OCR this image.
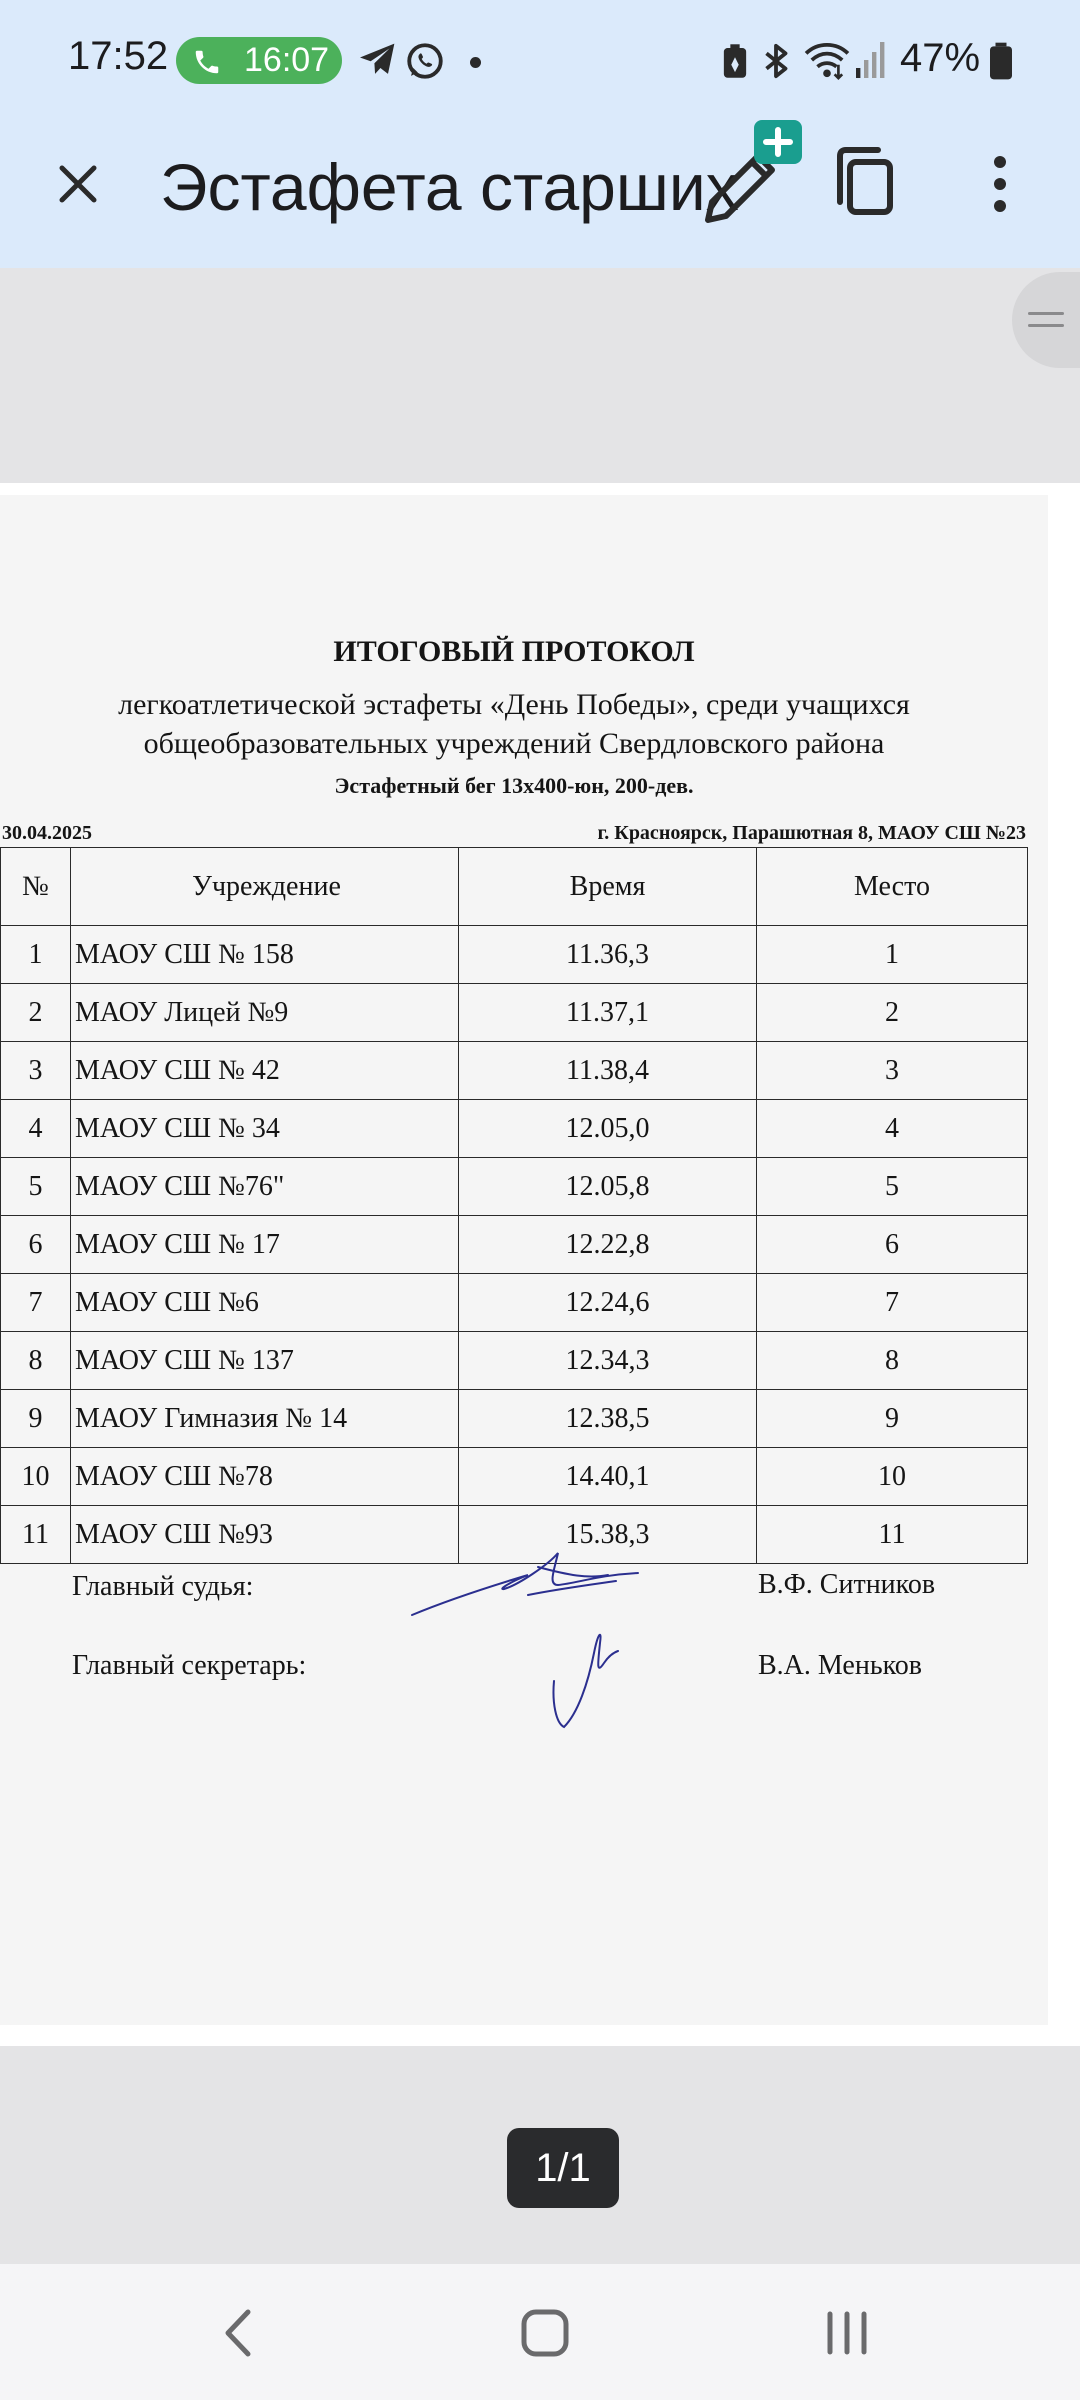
17:52 16:07	47%
Эстафета старших
ИТОГОВЫЙ ПРОТОКОЛ
легкоатлетической эстафеты «День Победы», среди учащихся
общеобразовательных учреждений Свердловского района
Эстафетный бег 13х400-юн, 200-дев.
30.04.2025	г. Красноярск, Парашютная 8, МАОУ СШ №23
№	Учреждение	Время	Место
1	МАОУ СШ № 158	11.36,3	1
2	МАОУ Лицей №9	11.37,1	2
3	МАОУ СШ № 42	11.38,4	3
4	МАОУ СШ № 34	12.05,0	4
5	МАОУ СШ №76"	12.05,8	5
6	МАОУ СШ № 17	12.22,8	6
7	МАОУ СШ №6	12.24,6	7
8	МАОУ СШ № 137	12.34,3	8
9	МАОУ Гимназия № 14	12.38,5	9
10	МАОУ СШ №78	14.40,1	10
11	МАОУ СШ №93	15.38,3	11
Главный судья:	В.Ф. Ситников
Главный секретарь:	В.А. Меньков
1/1
